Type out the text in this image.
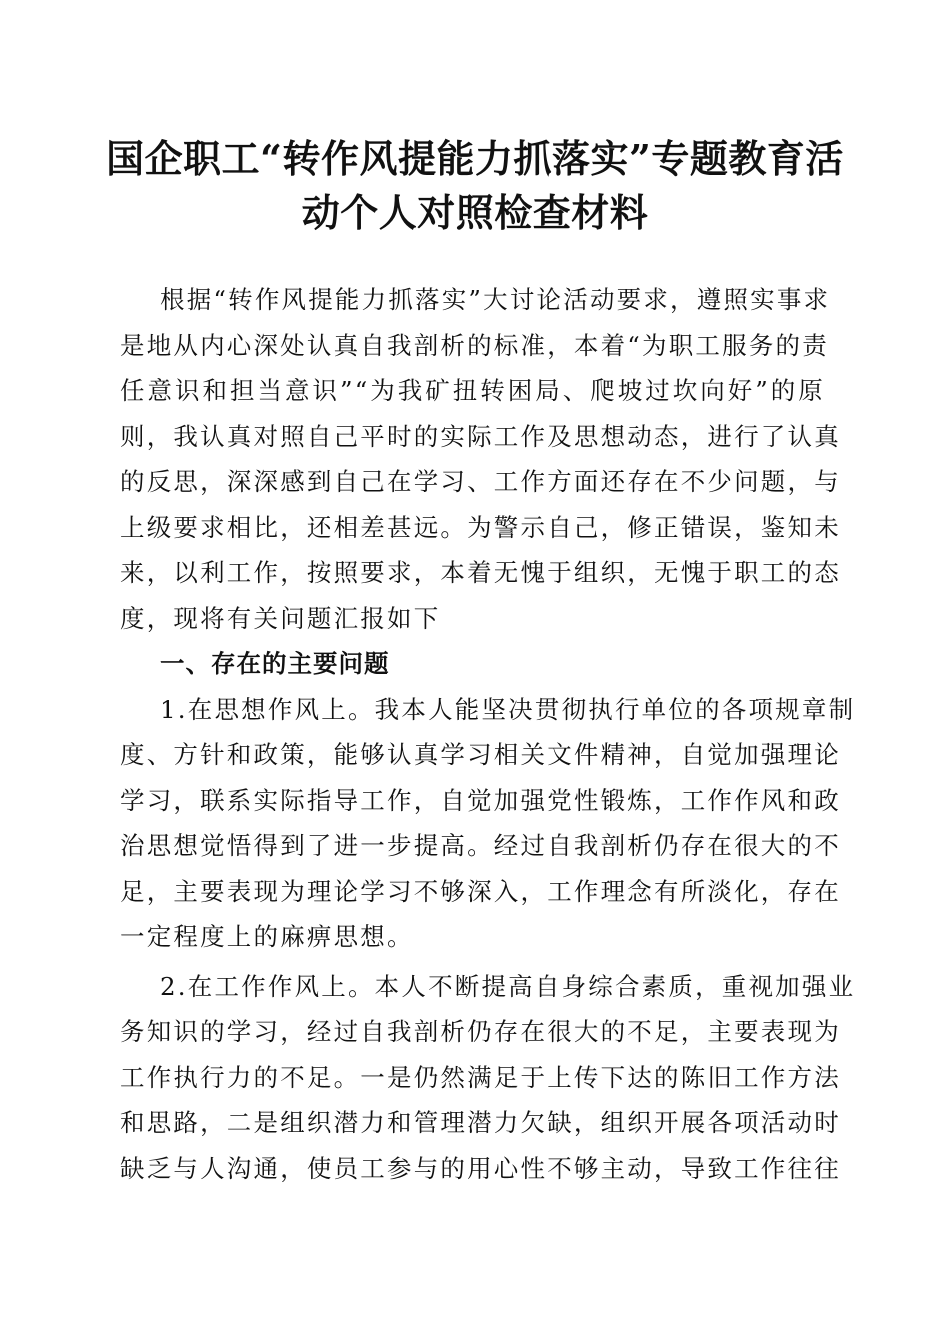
国企职工“转作风提能力抓落实”专题教育活
动个人对照检查材料
根据“转作风提能力抓落实”大讨论活动要求，遵照实事求
是地从内心深处认真自我剖析的标准，本着“为职工服务的责
任意识和担当意识”“为我矿扭转困局、爬坡过坎向好”的原
则，我认真对照自己平时的实际工作及思想动态，进行了认真
的反思，深深感到自己在学习、工作方面还存在不少问题，与
上级要求相比，还相差甚远。为警示自己，修正错误，鉴知未
来，以利工作，按照要求，本着无愧于组织，无愧于职工的态
度，现将有关问题汇报如下
一、存在的主要问题
1.在思想作风上。我本人能坚决贯彻执行单位的各项规章制
度、方针和政策，能够认真学习相关文件精神，自觉加强理论
学习，联系实际指导工作，自觉加强党性锻炼，工作作风和政
治思想觉悟得到了进一步提高。经过自我剖析仍存在很大的不
足，主要表现为理论学习不够深入，工作理念有所淡化，存在
一定程度上的麻痹思想。
2.在工作作风上。本人不断提高自身综合素质，重视加强业
务知识的学习，经过自我剖析仍存在很大的不足，主要表现为
工作执行力的不足。一是仍然满足于上传下达的陈旧工作方法
和思路，二是组织潜力和管理潜力欠缺，组织开展各项活动时
缺乏与人沟通，使员工参与的用心性不够主动，导致工作往往
